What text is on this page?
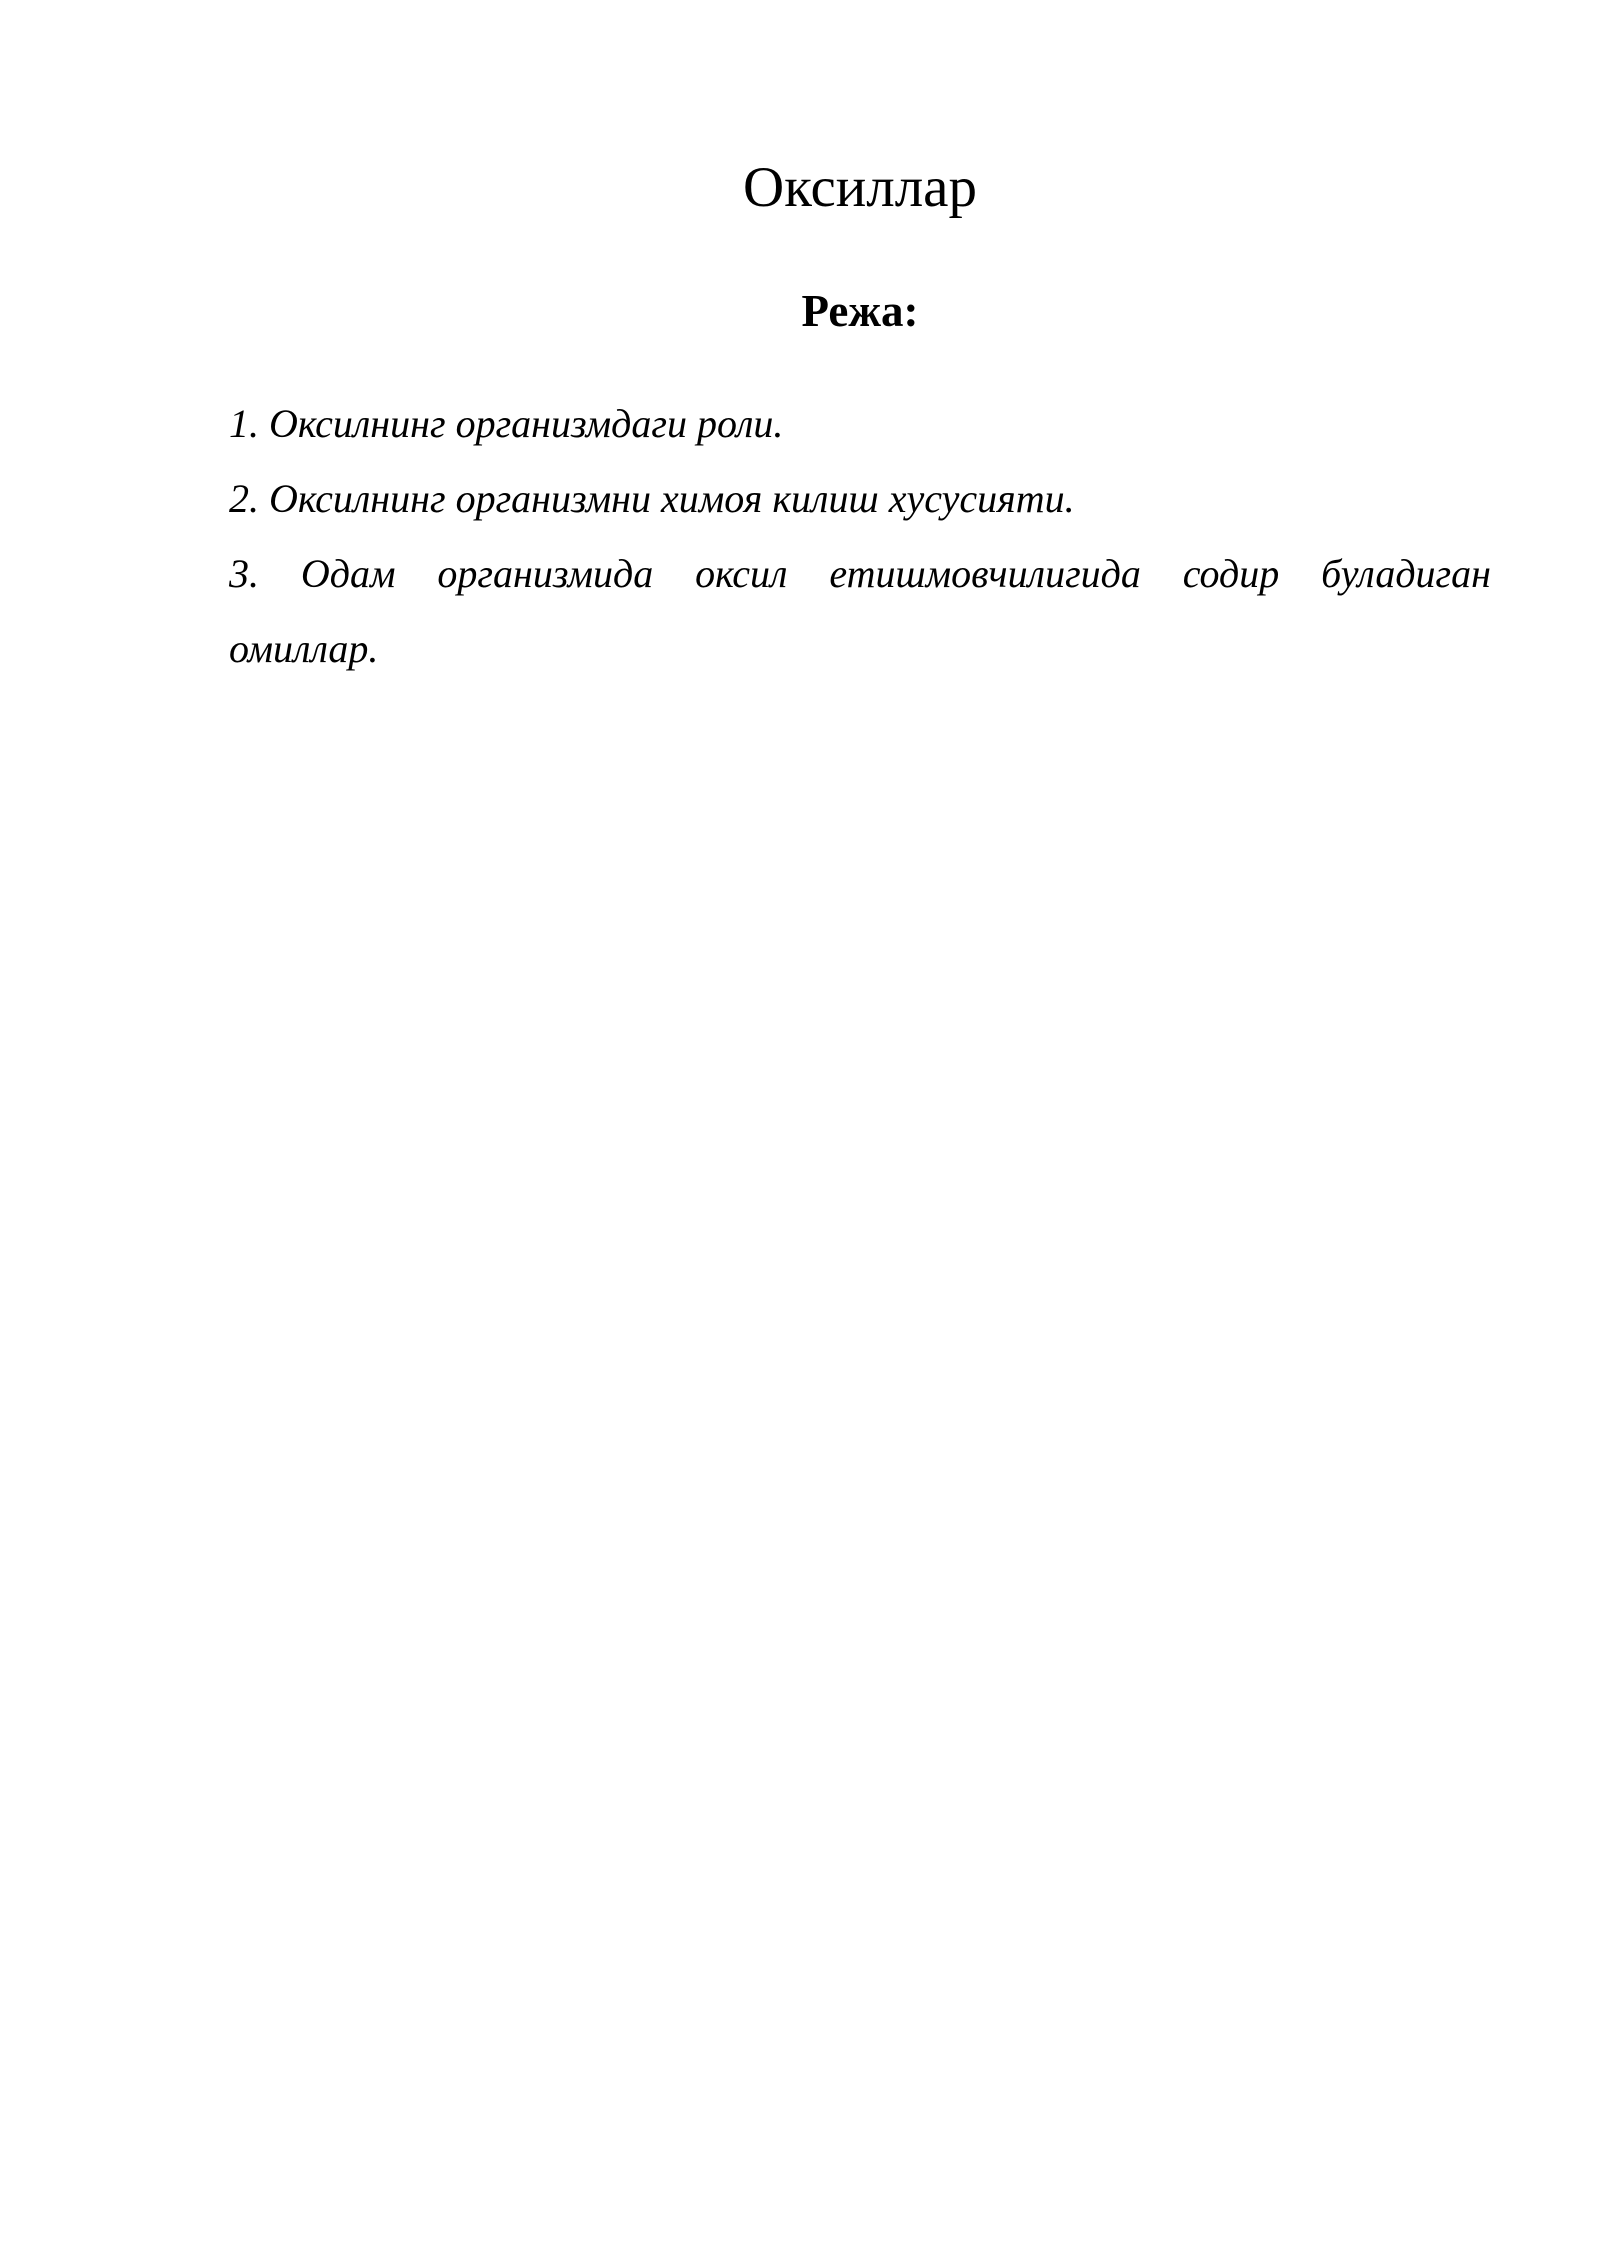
Оксиллар
Режа:
1. Оксилнинг организмдаги роли.
2. Оксилнинг организмни химоя килиш хусусияти.
3. Одам организмида оксил етишмовчилигида содир буладиган омиллар.
